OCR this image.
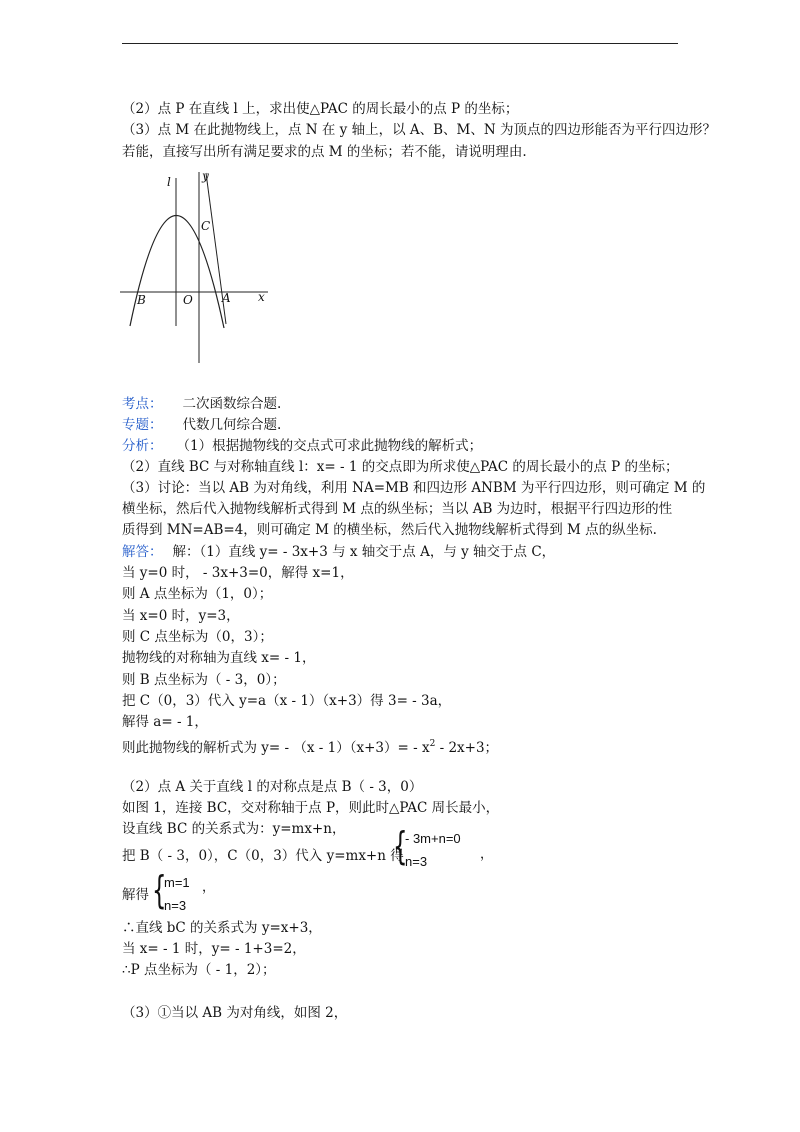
（2）点 P 在直线 l 上，求出使△PAC 的周长最小的点 P 的坐标；
（3）点 M 在此抛物线上，点 N 在 y 轴上，以 A、B、M、N 为顶点的四边形能否为平行四边形？
若能，直接写出所有满足要求的点 M 的坐标；若不能，请说明理由.
l	y
C
B	O A x
考点： 二次函数综合题.
专题： 代数几何综合题.
分析： （1）根据抛物线的交点式可求此抛物线的解析式；
（2）直线 BC 与对称轴直线 l：x= - 1 的交点即为所求使△PAC 的周长最小的点 P 的坐标；
（3）讨论：当以 AB 为对角线，利用 NA=MB 和四边形 ANBM 为平行四边形，则可确定 M 的
横坐标，然后代入抛物线解析式得到 M 点的纵坐标；当以 AB 为边时，根据平行四边形的性
质得到 MN=AB=4，则可确定 M 的横坐标，然后代入抛物线解析式得到 M 点的纵坐标.
解答： 解：（1）直线 y= - 3x+3 与 x 轴交于点 A，与 y 轴交于点 C，
当 y=0 时， - 3x+3=0，解得 x=1，
则 A 点坐标为（1，0）；
当 x=0 时，y=3，
则 C 点坐标为（0，3）；
抛物线的对称轴为直线 x= - 1，
则 B 点坐标为（ - 3，0）；
把 C（0，3）代入 y=a（x - 1）（x+3）得 3= - 3a，
解得 a= - 1，
则此抛物线的解析式为 $y= - (x - 1)(x+3)= - x^2 - 2x+3$；
（2）点 A 关于直线 l 的对称点是点 B（ - 3，0）
如图 1，连接 BC，交对称轴于点 P，则此时△PAC 周长最小，
设直线 BC 的关系式为：y=mx+n，
把 B（ - 3，0），C（0，3）代入 y=mx+n 得
{
- 3m+n=0
n=3
，
解得 {
m=1
n=3
，
∴直线 bC 的关系式为 y=x+3，
当 x= - 1 时，y= - 1+3=2，
∴P 点坐标为（ - 1，2）；
（3）①当以 AB 为对角线，如图 2，
